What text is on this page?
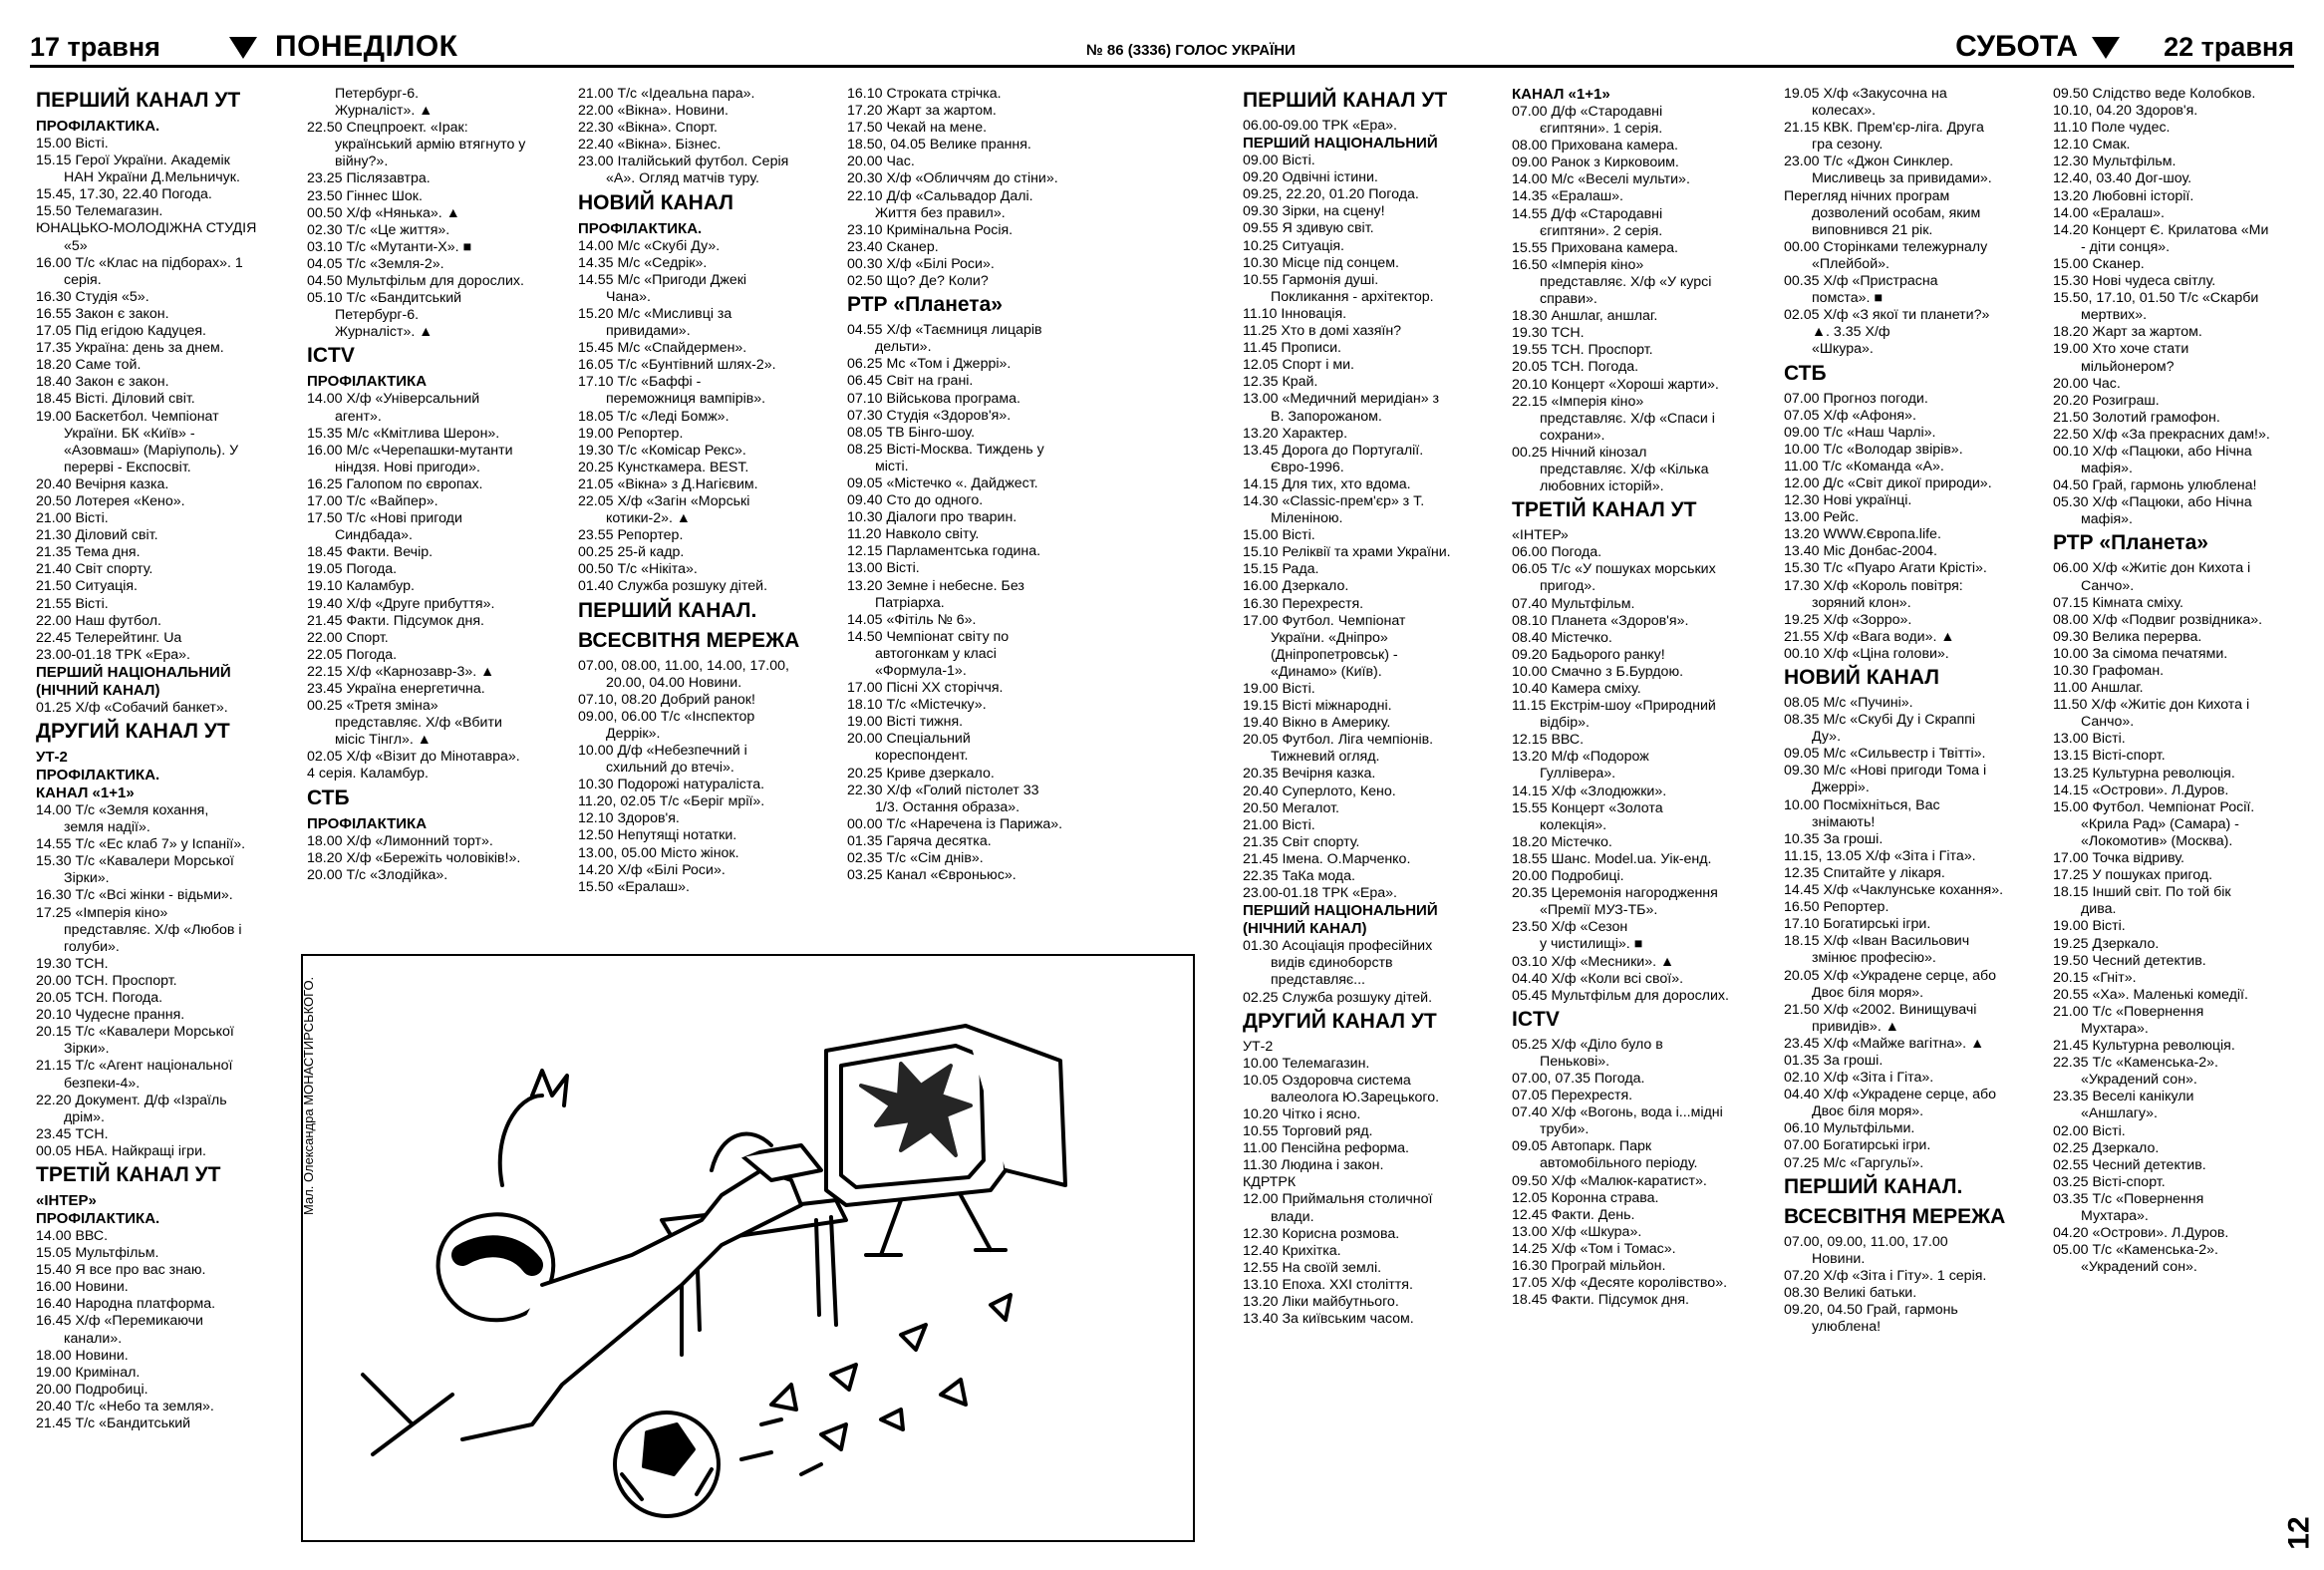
17 травня	ПОНЕДІЛОК	№ 86 (3336) ГОЛОС УКРАЇНИ	СУБОТА	22 травня
ПЕРШИЙ КАНАЛ УТ
ПРОФІЛАКТИКА.
15.00 Вісті.
15.15 Герої України. Академік
НАН України Д.Мельничук.
15.45, 17.30, 22.40 Погода.
15.50 Телемагазин.
ЮНАЦЬКО-МОЛОДІЖНА СТУДІЯ
«5»
16.00 Т/с «Клас на підборах». 1
серія.
16.30 Студія «5».
16.55 Закон є закон.
17.05 Під егідою Кадуцея.
17.35 Україна: день за днем.
18.20 Саме той.
18.40 Закон є закон.
18.45 Вісті. Діловий світ.
19.00 Баскетбол. Чемпіонат
України. БК «Київ» -
«Азовмаш» (Маріуполь). У
перерві - Експосвіт.
20.40 Вечірня казка.
20.50 Лотерея «Кено».
21.00 Вісті.
21.30 Діловий світ.
21.35 Тема дня.
21.40 Світ спорту.
21.50 Ситуація.
21.55 Вісті.
22.00 Наш футбол.
22.45 Телерейтинг. Ua
23.00-01.18 ТРК «Ера».
ПЕРШИЙ НАЦІОНАЛЬНИЙ
(НІЧНИЙ КАНАЛ)
01.25 Х/ф «Собачий банкет».
ДРУГИЙ КАНАЛ УТ
УТ-2
ПРОФІЛАКТИКА.
КАНАЛ «1+1»
14.00 Т/с «Земля кохання,
земля надії».
14.55 Т/с «Ес клаб 7» у Іспанії».
15.30 Т/с «Кавалери Морської
Зірки».
16.30 Т/с «Всі жінки - відьми».
17.25 «Імперія кіно»
представляє. Х/ф «Любов і
голуби».
19.30 ТСН.
20.00 ТСН. Проспорт.
20.05 ТСН. Погода.
20.10 Чудесне прання.
20.15 Т/с «Кавалери Морської
Зірки».
21.15 Т/с «Агент національної
безпеки-4».
22.20 Документ. Д/ф «Ізраїль
дрім».
23.45 ТСН.
00.05 НБА. Найкращі ігри.
ТРЕТІЙ КАНАЛ УТ
«ІНТЕР»
ПРОФІЛАКТИКА.
14.00 ВВС.
15.05 Мультфільм.
15.40 Я все про вас знаю.
16.00 Новини.
16.40 Народна платформа.
16.45 Х/ф «Перемикаючи
канали».
18.00 Новини.
19.00 Кримінал.
20.00 Подробиці.
20.40 Т/с «Небо та земля».
21.45 Т/с «Бандитський
Петербург-6.
Журналіст». ▲
22.50 Спецпроект. «Ірак:
український армію втягнуто у
війну?».
23.25 Післязавтра.
23.50 Гіннес Шок.
00.50 Х/ф «Нянька». ▲
02.30 Т/с «Це життя».
03.10 Т/с «Мутанти-Х». ■
04.05 Т/с «Земля-2».
04.50 Мультфільм для дорослих.
05.10 Т/с «Бандитський
Петербург-6.
Журналіст». ▲
ICTV
ПРОФІЛАКТИКА
14.00 Х/ф «Універсальний
агент».
15.35 М/с «Кмітлива Шерон».
16.00 М/с «Черепашки-мутанти
ніндзя. Нові пригоди».
16.25 Галопом по європах.
17.00 Т/с «Вайпер».
17.50 Т/с «Нові пригоди
Синдбада».
18.45 Факти. Вечір.
19.05 Погода.
19.10 Каламбур.
19.40 Х/ф «Друге прибуття».
21.45 Факти. Підсумок дня.
22.00 Спорт.
22.05 Погода.
22.15 Х/ф «Карнозавр-3». ▲
23.45 Україна енергетична.
00.25 «Третя зміна»
представляє. Х/ф «Вбити
місіс Тінгл». ▲
02.05 Х/ф «Візит до Мінотавра».
4 серія. Каламбур.
СТБ
ПРОФІЛАКТИКА
18.00 Х/ф «Лимонний торт».
18.20 Х/ф «Бережіть чоловіків!».
20.00 Т/с «Злодійка».
21.00 Т/с «Ідеальна пара».
22.00 «Вікна». Новини.
22.30 «Вікна». Спорт.
22.40 «Вікна». Бізнес.
23.00 Італійський футбол. Серія
«А». Огляд матчів туру.
НОВИЙ КАНАЛ
ПРОФІЛАКТИКА.
14.00 М/с «Скубі Ду».
14.35 М/с «Седрік».
14.55 М/с «Пригоди Джекі
Чана».
15.20 М/с «Мисливці за
привидами».
15.45 М/с «Спайдермен».
16.05 Т/с «Бунтівний шлях-2».
17.10 Т/с «Баффі -
переможниця вампірів».
18.05 Т/с «Леді Бомж».
19.00 Репортер.
19.30 Т/с «Комісар Рекс».
20.25 Кунсткамера. BEST.
21.05 «Вікна» з Д.Нагієвим.
22.05 Х/ф «Загін «Морські
котики-2». ▲
23.55 Репортер.
00.25 25-й кадр.
00.50 Т/с «Нікіта».
01.40 Служба розшуку дітей.
ПЕРШИЙ КАНАЛ.
ВСЕСВІТНЯ МЕРЕЖА
07.00, 08.00, 11.00, 14.00, 17.00,
20.00, 04.00 Новини.
07.10, 08.20 Добрий ранок!
09.00, 06.00 Т/с «Інспектор
Деррік».
10.00 Д/ф «Небезпечний і
схильний до втечі».
10.30 Подорожі натураліста.
11.20, 02.05 Т/с «Беріг мрії».
12.10 Здоров'я.
12.50 Непутящі нотатки.
13.00, 05.00 Місто жінок.
14.20 Х/ф «Білі Роси».
15.50 «Ералаш».
16.10 Строката стрічка.
17.20 Жарт за жартом.
17.50 Чекай на мене.
18.50, 04.05 Велике прання.
20.00 Час.
20.30 Х/ф «Обличчям до стіни».
22.10 Д/ф «Сальвадор Далі.
Життя без правил».
23.10 Кримінальна Росія.
23.40 Сканер.
00.30 Х/ф «Білі Роси».
02.50 Що? Де? Коли?
РТР «Планета»
04.55 Х/ф «Таємниця лицарів
дельти».
06.25 Мс «Том і Джеррі».
06.45 Світ на грані.
07.10 Військова програма.
07.30 Студія «Здоров'я».
08.05 ТВ Бінго-шоу.
08.25 Вісті-Москва. Тиждень у
місті.
09.05 «Містечко «. Дайджест.
09.40 Сто до одного.
10.30 Діалоги про тварин.
11.20 Навколо світу.
12.15 Парламентська година.
13.00 Вісті.
13.20 Земне і небесне. Без
Патріарха.
14.05 «Фітіль № 6».
14.50 Чемпіонат світу по
автогонкам у класі
«Формула-1».
17.00 Пісні ХХ сторіччя.
18.10 Т/с «Містечку».
19.00 Вісті тижня.
20.00 Спеціальний
кореспондент.
20.25 Криве дзеркало.
22.30 Х/ф «Голий пістолет 33
1/3. Остання образа».
00.00 Т/с «Наречена із Парижа».
01.35 Гаряча десятка.
02.35 Т/с «Сім днів».
03.25 Канал «Євроньюс».
ПЕРШИЙ КАНАЛ УТ
06.00-09.00 ТРК «Ера».
ПЕРШИЙ НАЦІОНАЛЬНИЙ
09.00 Вісті.
09.20 Одвічні істини.
09.25, 22.20, 01.20 Погода.
09.30 Зірки, на сцену!
09.55 Я здивую світ.
10.25 Ситуація.
10.30 Місце під сонцем.
10.55 Гармонія душі.
Покликання - архітектор.
11.10 Інновація.
11.25 Хто в домі хазяїн?
11.45 Прописи.
12.05 Спорт і ми.
12.35 Край.
13.00 «Медичний меридіан» з
В. Запорожаном.
13.20 Характер.
13.45 Дорога до Португалії.
Євро-1996.
14.15 Для тих, хто вдома.
14.30 «Classic-прем'єр» з Т.
Міленіною.
15.00 Вісті.
15.10 Реліквії та храми України.
15.15 Рада.
16.00 Дзеркало.
16.30 Перехрестя.
17.00 Футбол. Чемпіонат
України. «Дніпро»
(Дніпропетровськ) -
«Динамо» (Київ).
19.00 Вісті.
19.15 Вісті міжнародні.
19.40 Вікно в Америку.
20.05 Футбол. Ліга чемпіонів.
Тижневий огляд.
20.35 Вечірня казка.
20.40 Суперлото, Кено.
20.50 Мегалот.
21.00 Вісті.
21.35 Світ спорту.
21.45 Імена. О.Марченко.
22.35 ТаКа мода.
23.00-01.18 ТРК «Ера».
ПЕРШИЙ НАЦІОНАЛЬНИЙ
(НІЧНИЙ КАНАЛ)
01.30 Асоціація професійних
видів єдиноборств
представляє...
02.25 Служба розшуку дітей.
ДРУГИЙ КАНАЛ УТ
УТ-2
10.00 Телемагазин.
10.05 Оздоровча система
валеолога Ю.Зарецького.
10.20 Чітко і ясно.
10.55 Торговий ряд.
11.00 Пенсійна реформа.
11.30 Людина і закон.
КДРТРК
12.00 Приймальня столичної
влади.
12.30 Корисна розмова.
12.40 Крихітка.
12.55 На своїй землі.
13.10 Епоха. ХХІ століття.
13.20 Ліки майбутнього.
13.40 За київським часом.
КАНАЛ «1+1»
07.00 Д/ф «Стародавні
єгиптяни». 1 серія.
08.00 Прихована камера.
09.00 Ранок з Кирковоим.
14.00 М/с «Веселі мульти».
14.35 «Ералаш».
14.55 Д/ф «Стародавні
єгиптяни». 2 серія.
15.55 Прихована камера.
16.50 «Імперія кіно»
представляє. Х/ф «У курсі
справи».
18.30 Аншлаг, аншлаг.
19.30 ТСН.
19.55 ТСН. Проспорт.
20.05 ТСН. Погода.
20.10 Концерт «Хороші жарти».
22.15 «Імперія кіно»
представляє. Х/ф «Спаси і
сохрани».
00.25 Нічний кінозал
представляє. Х/ф «Кілька
любовних історій».
ТРЕТІЙ КАНАЛ УТ
«ІНТЕР»
06.00 Погода.
06.05 Т/с «У пошуках морських
пригод».
07.40 Мультфільм.
08.10 Планета «Здоров'я».
08.40 Містечко.
09.20 Бадьорого ранку!
10.00 Смачно з Б.Бурдою.
10.40 Камера сміху.
11.15 Екстрім-шоу «Природний
відбір».
12.15 ВВС.
13.20 М/ф «Подорож
Гуллівера».
14.15 Х/ф «Злодюжки».
15.55 Концерт «Золота
колекція».
18.20 Містечко.
18.55 Шанс. Model.ua. Уік-енд.
20.00 Подробиці.
20.35 Церемонія нагородження
«Премії МУЗ-ТБ».
23.50 Х/ф «Сезон
у чистилищі». ■
03.10 Х/ф «Месники». ▲
04.40 Х/ф «Коли всі свої».
05.45 Мультфільм для дорослих.
ICTV
05.25 Х/ф «Діло було в
Пенькові».
07.00, 07.35 Погода.
07.05 Перехрестя.
07.40 Х/ф «Вогонь, вода і...мідні
труби».
09.05 Автопарк. Парк
автомобільного періоду.
09.50 Х/ф «Малюк-каратист».
12.05 Коронна страва.
12.45 Факти. День.
13.00 Х/ф «Шкура».
14.25 Х/ф «Том і Томас».
16.30 Програй мільйон.
17.05 Х/ф «Десяте королівство».
18.45 Факти. Підсумок дня.
19.05 Х/ф «Закусочна на
колесах».
21.15 КВК. Прем'єр-ліга. Друга
гра сезону.
23.00 Т/с «Джон Синклер.
Мисливець за привидами».
Перегляд нічних програм
дозволений особам, яким
виповнився 21 рік.
00.00 Сторінками тележурналу
«Плейбой».
00.35 Х/ф «Пристрасна
помста». ■
02.05 Х/ф «З якої ти планети?»
▲. 3.35 Х/ф
«Шкура».
СТБ
07.00 Прогноз погоди.
07.05 Х/ф «Афоня».
09.00 Т/с «Наш Чарлі».
10.00 Т/с «Володар звірів».
11.00 Т/с «Команда «А».
12.00 Д/с «Світ дикої природи».
12.30 Нові українці.
13.00 Рейс.
13.20 WWW.Європа.life.
13.40 Міс Донбас-2004.
15.30 Т/с «Пуаро Агати Крісті».
17.30 Х/ф «Король повітря:
зоряний клон».
19.25 Х/ф «Зорро».
21.55 Х/ф «Вага води». ▲
00.10 Х/ф «Ціна голови».
НОВИЙ КАНАЛ
08.05 М/с «Пучині».
08.35 М/с «Скубі Ду і Скраппі
Ду».
09.05 М/с «Сильвестр і Твітті».
09.30 М/с «Нові пригоди Тома і
Джеррі».
10.00 Посміхніться, Вас
знімають!
10.35 За гроші.
11.15, 13.05 Х/ф «Зіта і Гіта».
12.35 Спитайте у лікаря.
14.45 Х/ф «Чаклунське кохання».
16.50 Репортер.
17.10 Богатирські ігри.
18.15 Х/ф «Іван Васильович
змінює професію».
20.05 Х/ф «Украдене серце, або
Двоє біля моря».
21.50 Х/ф «2002. Винищувачі
привидів». ▲
23.45 Х/ф «Майже вагітна». ▲
01.35 За гроші.
02.10 Х/ф «Зіта і Гіта».
04.40 Х/ф «Украдене серце, або
Двоє біля моря».
06.10 Мультфільми.
07.00 Богатирські ігри.
07.25 М/с «Гаргульї».
ПЕРШИЙ КАНАЛ.
ВСЕСВІТНЯ МЕРЕЖА
07.00, 09.00, 11.00, 17.00
Новини.
07.20 Х/ф «Зіта і Гіту». 1 серія.
08.30 Великі батьки.
09.20, 04.50 Грай, гармонь
улюблена!
09.50 Слідство веде Колобков.
10.10, 04.20 Здоров'я.
11.10 Поле чудес.
12.10 Смак.
12.30 Мультфільм.
12.40, 03.40 Дог-шоу.
13.20 Любовні історії.
14.00 «Ералаш».
14.20 Концерт Є. Крилатова «Ми
- діти сонця».
15.00 Сканер.
15.30 Нові чудеса світлу.
15.50, 17.10, 01.50 Т/с «Скарби
мертвих».
18.20 Жарт за жартом.
19.00 Хто хоче стати
мільйонером?
20.00 Час.
20.20 Розиграш.
21.50 Золотий грамофон.
22.50 Х/ф «За прекрасних дам!».
00.10 Х/ф «Пацюки, або Нічна
мафія».
04.50 Грай, гармонь улюблена!
05.30 Х/ф «Пацюки, або Нічна
мафія».
РТР «Планета»
06.00 Х/ф «Житіє дон Кихота і
Санчо».
07.15 Кімната сміху.
08.00 Х/ф «Подвиг розвідника».
09.30 Велика перерва.
10.00 За сімома печатями.
10.30 Графоман.
11.00 Аншлаг.
11.50 Х/ф «Житіє дон Кихота і
Санчо».
13.00 Вісті.
13.15 Вісті-спорт.
13.25 Культурна революція.
14.15 «Острови». Л.Дуров.
15.00 Футбол. Чемпіонат Росії.
«Крила Рад» (Самара) -
«Локомотив» (Москва).
17.00 Точка відриву.
17.25 У пошуках пригод.
18.15 Інший світ. По той бік
дива.
19.00 Вісті.
19.25 Дзеркало.
19.50 Чесний детектив.
20.15 «Гніт».
20.55 «Ха». Маленькі комедії.
21.00 Т/с «Повернення
Мухтара».
21.45 Культурна революція.
22.35 Т/с «Каменська-2».
«Украдений сон».
23.35 Веселі канікули
«Аншлагу».
02.00 Вісті.
02.25 Дзеркало.
02.55 Чесний детектив.
03.25 Вісті-спорт.
03.35 Т/с «Повернення
Мухтара».
04.20 «Острови». Л.Дуров.
05.00 Т/с «Каменська-2».
«Украдений сон».
Мал. Олександра МОНАСТИРСЬКОГО.
12
